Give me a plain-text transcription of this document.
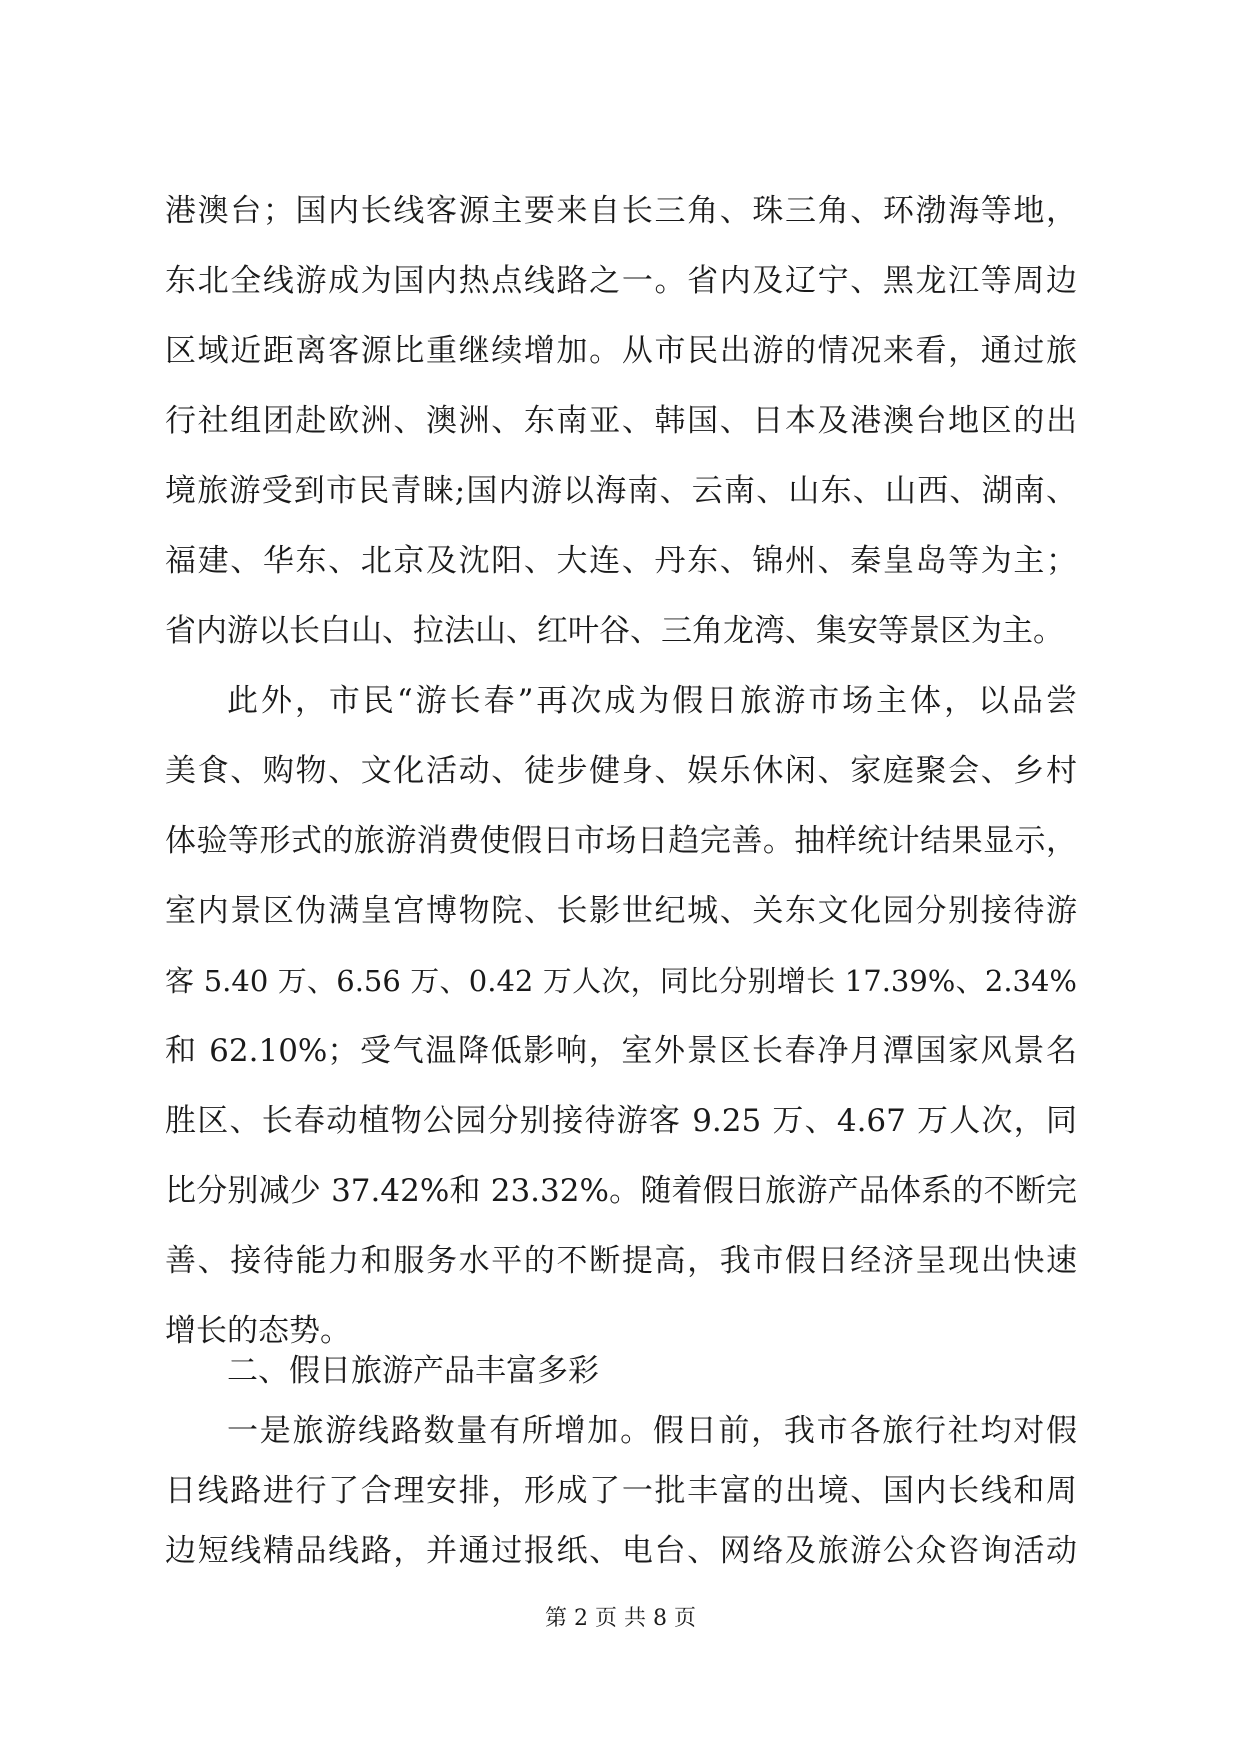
港澳台；国内长线客源主要来自长三角、珠三角、环渤海等地，
东北全线游成为国内热点线路之一。省内及辽宁、黑龙江等周边
区域近距离客源比重继续增加。从市民出游的情况来看，通过旅
行社组团赴欧洲、澳洲、东南亚、韩国、日本及港澳台地区的出
境旅游受到市民青睐;国内游以海南、云南、山东、山西、湖南、
福建、华东、北京及沈阳、大连、丹东、锦州、秦皇岛等为主；
省内游以长白山、拉法山、红叶谷、三角龙湾、集安等景区为主。
此外，市民“游长春”再次成为假日旅游市场主体，以品尝
美食、购物、文化活动、徒步健身、娱乐休闲、家庭聚会、乡村
体验等形式的旅游消费使假日市场日趋完善。抽样统计结果显示，
室内景区伪满皇宫博物院、长影世纪城、关东文化园分别接待游
客 5.40 万、6.56 万、0.42 万人次，同比分别增长 17.39%、2.34%
和 62.10%；受气温降低影响，室外景区长春净月潭国家风景名
胜区、长春动植物公园分别接待游客 9.25 万、4.67 万人次，同
比分别减少 37.42%和 23.32%。随着假日旅游产品体系的不断完
善、接待能力和服务水平的不断提高，我市假日经济呈现出快速
增长的态势。
二、假日旅游产品丰富多彩
一是旅游线路数量有所增加。假日前，我市各旅行社均对假
日线路进行了合理安排，形成了一批丰富的出境、国内长线和周
边短线精品线路，并通过报纸、电台、网络及旅游公众咨询活动
第 2 页 共 8 页
